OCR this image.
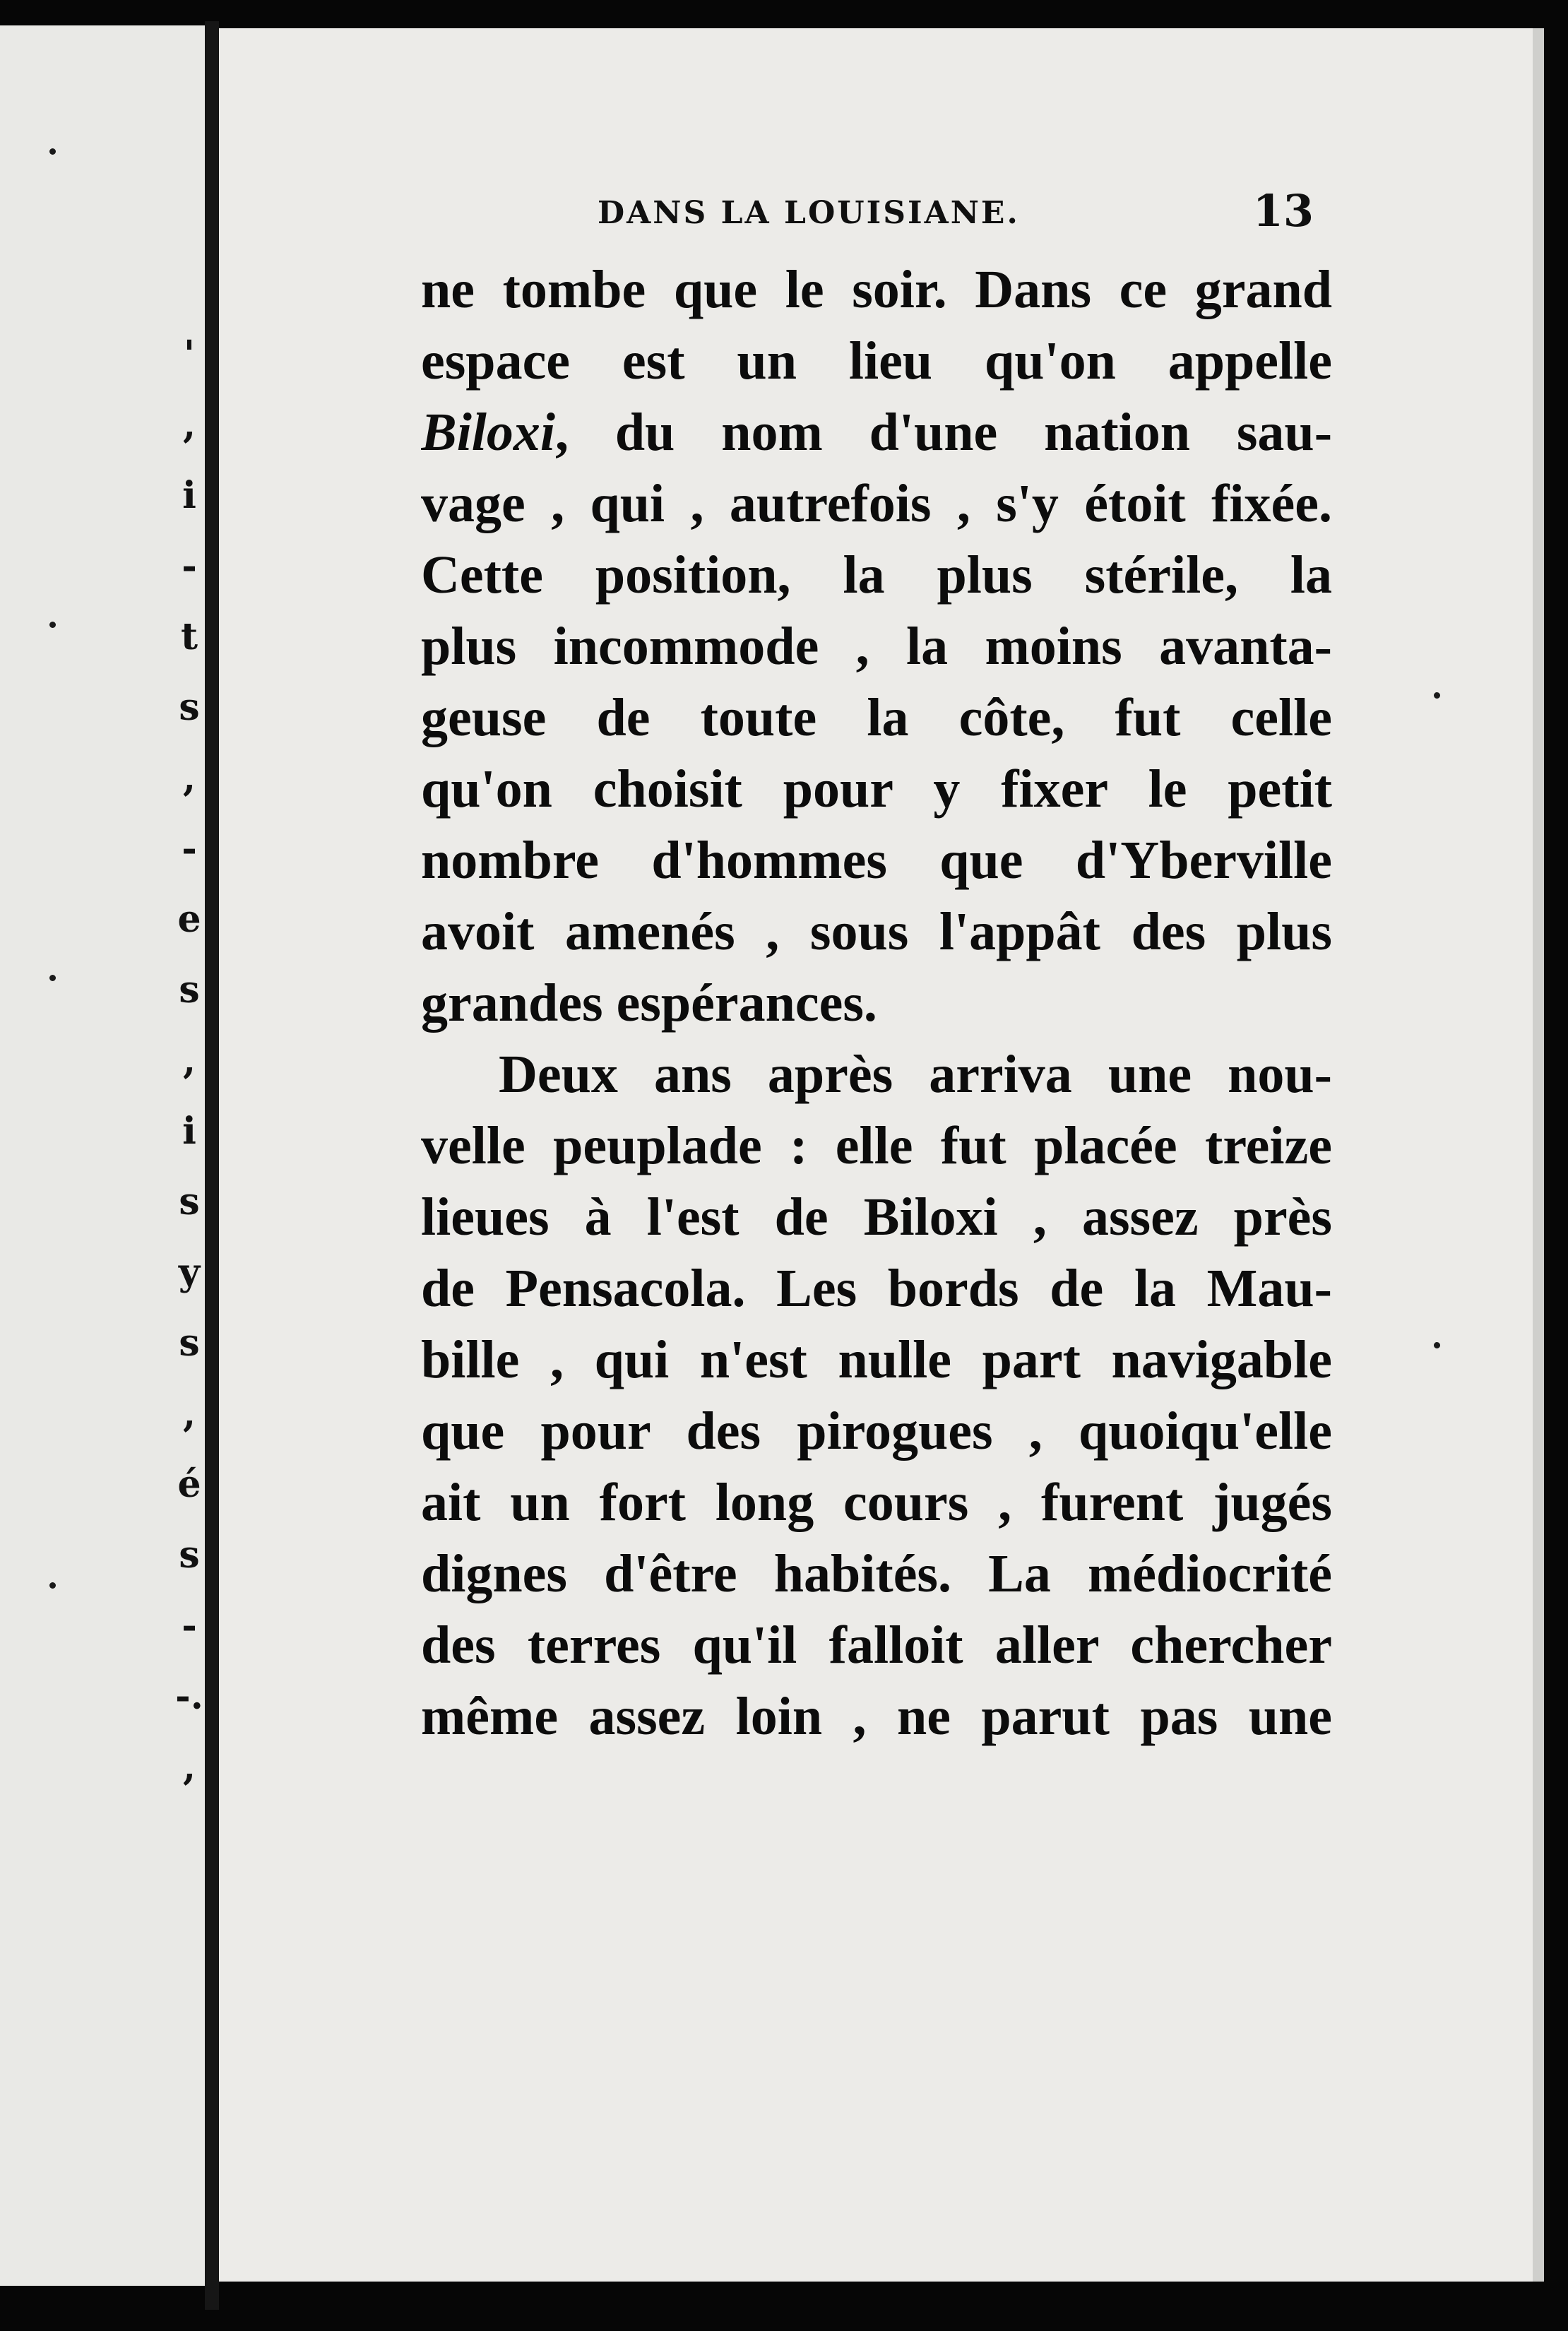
'
,
i
-
t
s
,
-
e
s
,
i
s
y
s
,
é
s
-
-.
,
DANS LA LOUISIANE.	13
ne tombe que le soir. Dans ce grand
espace est un lieu qu'on appelle
Biloxi, du nom d'une nation sau-
vage , qui , autrefois , s'y étoit fixée.
Cette position, la plus stérile, la
plus incommode , la moins avanta-
geuse de toute la côte, fut celle
qu'on choisit pour y fixer le petit
nombre d'hommes que d'Yberville
avoit amenés , sous l'appât des plus
grandes espérances.
Deux ans après arriva une nou-
velle peuplade : elle fut placée treize
lieues à l'est de Biloxi , assez près
de Pensacola. Les bords de la Mau-
bille , qui n'est nulle part navigable
que pour des pirogues , quoiqu'elle
ait un fort long cours , furent jugés
dignes d'être habités. La médiocrité
des terres qu'il falloit aller chercher
même assez loin , ne parut pas une
